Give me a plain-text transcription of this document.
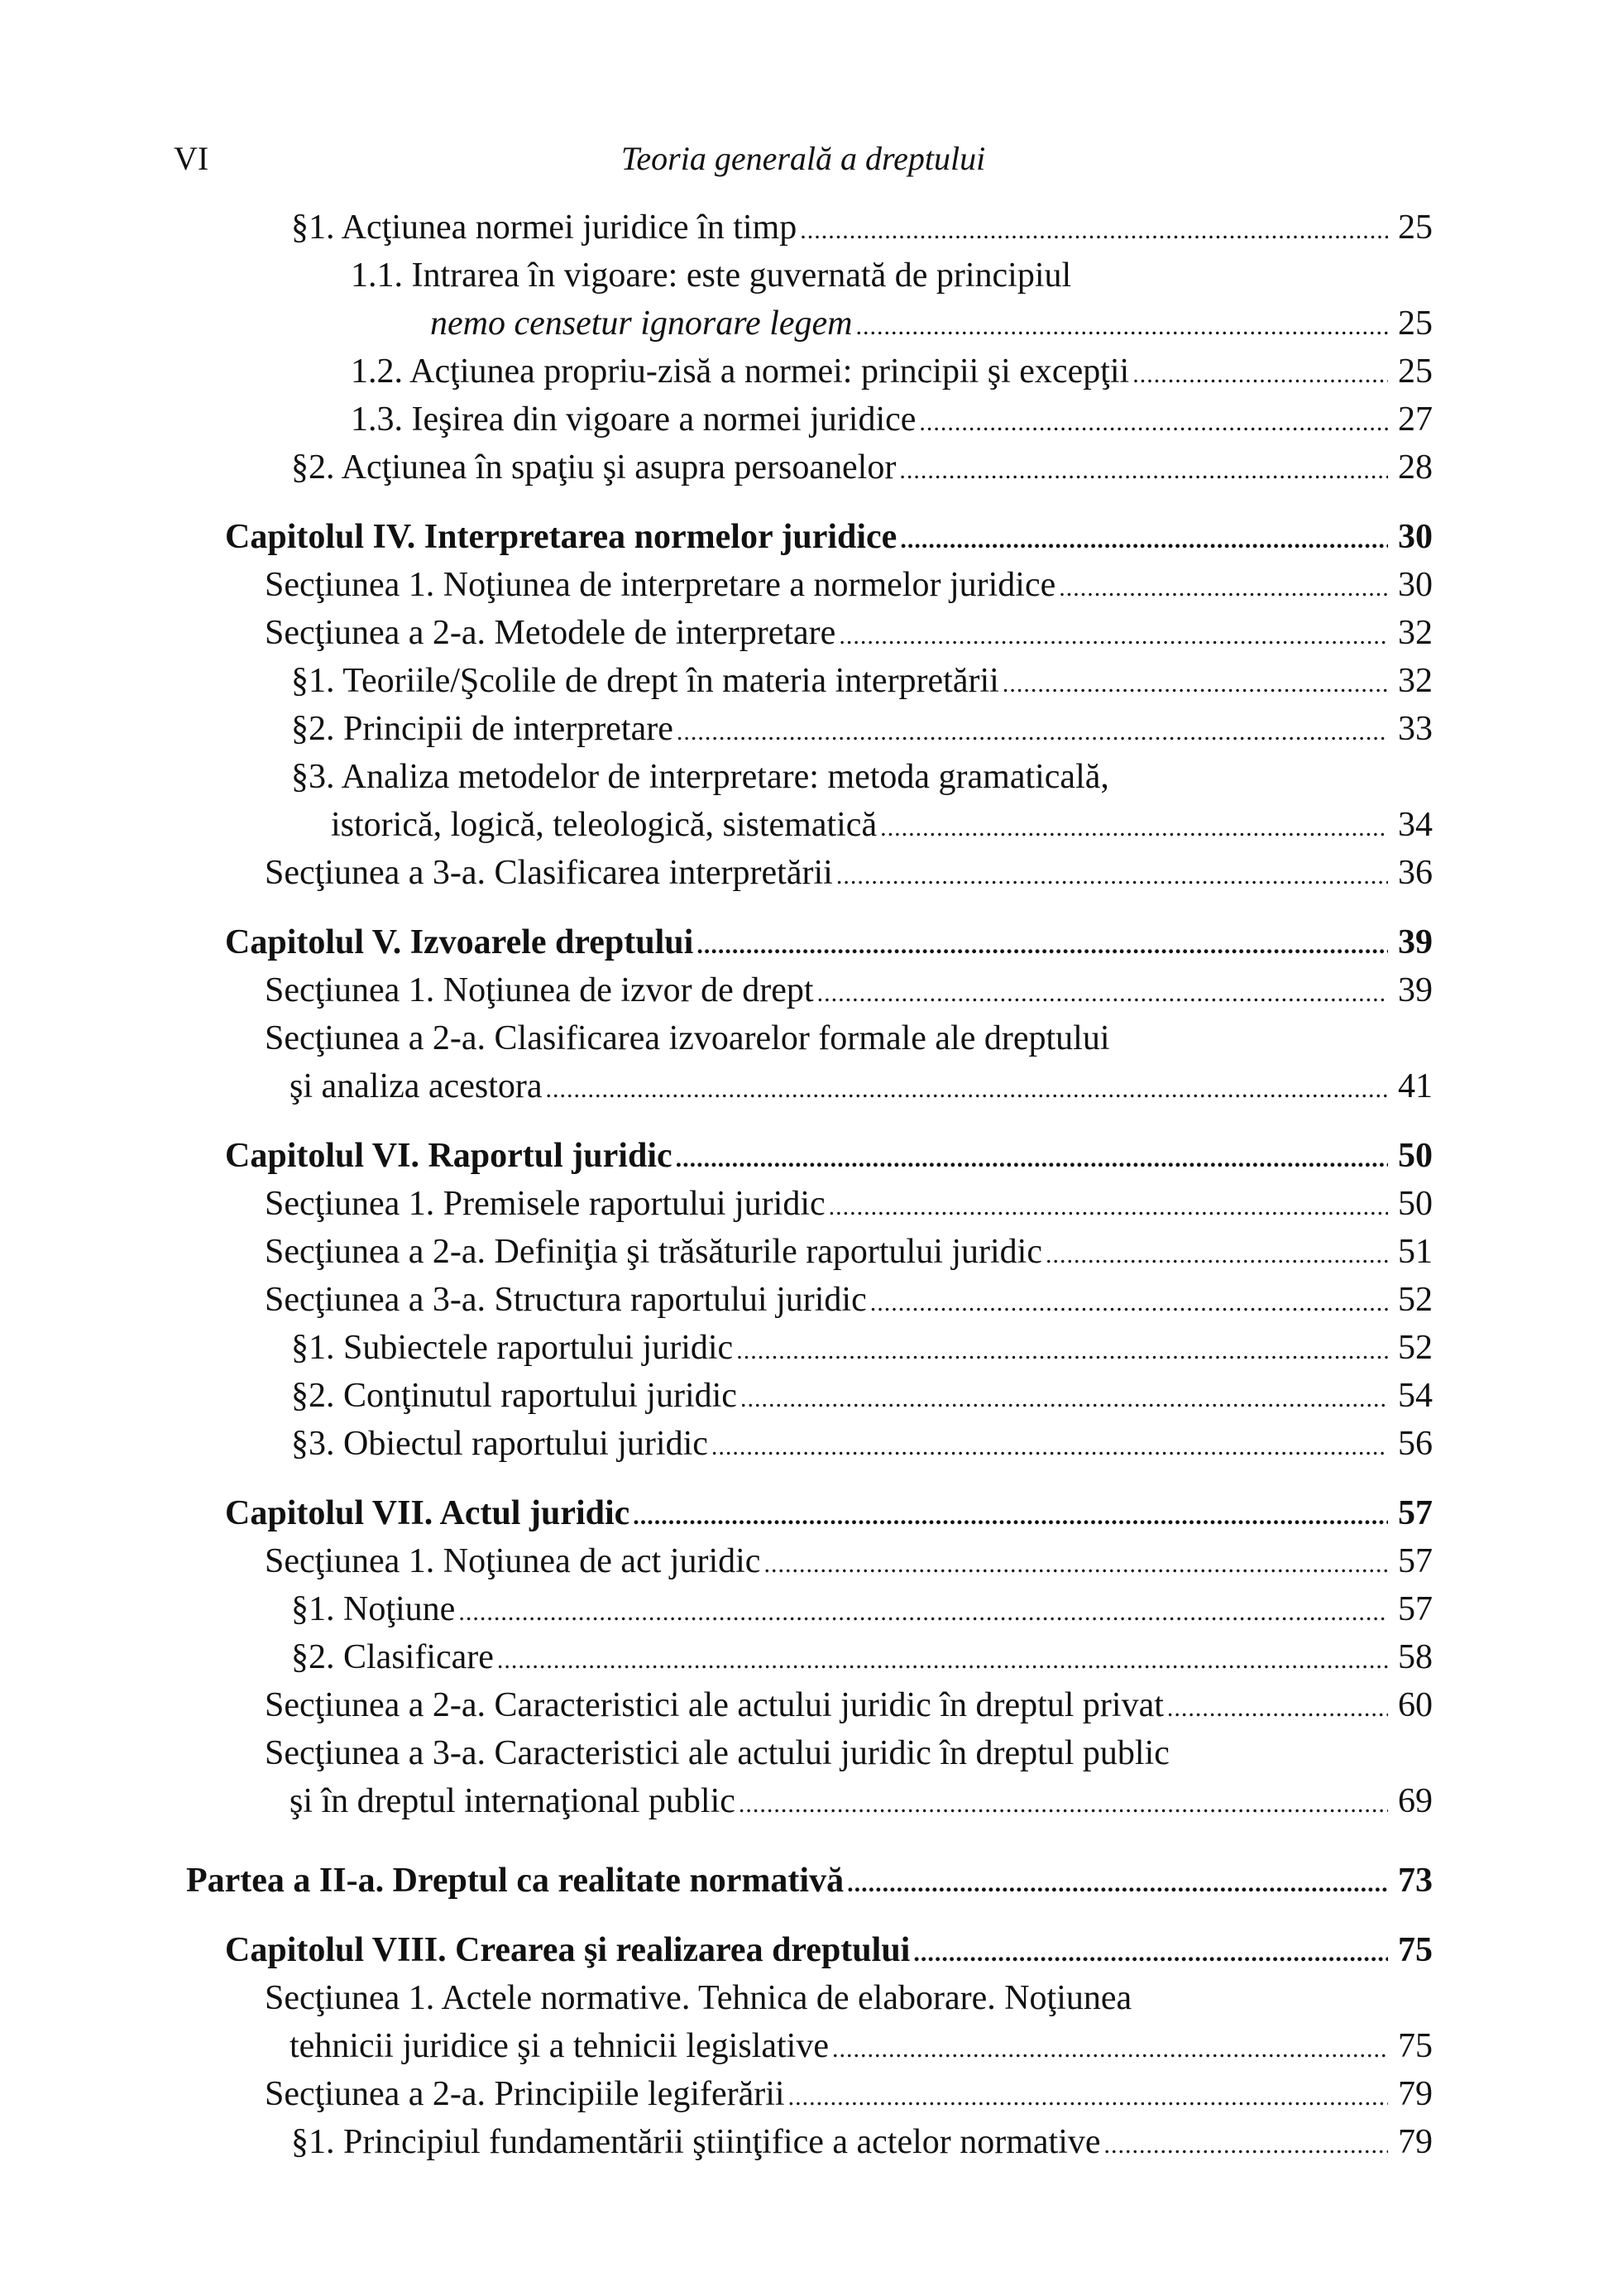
VI	Teoria generală a dreptului
§1. Acţiunea normei juridice în timp .....	25
1.1. Intrarea în vigoare: este guvernată de principiul
nemo censetur ignorare legem .....	25
1.2. Acţiunea propriu-zisă a normei: principii şi excepţii .....	25
1.3. Ieşirea din vigoare a normei juridice .....	27
§2. Acţiunea în spaţiu şi asupra persoanelor .....	28
Capitolul IV. Interpretarea normelor juridice .....	30
Secţiunea 1. Noţiunea de interpretare a normelor juridice .....	30
Secţiunea a 2-a. Metodele de interpretare .....	32
§1. Teoriile/Şcolile de drept în materia interpretării .....	32
§2. Principii de interpretare .....	33
§3. Analiza metodelor de interpretare: metoda gramaticală,
istorică, logică, teleologică, sistematică .....	34
Secţiunea a 3-a. Clasificarea interpretării .....	36
Capitolul V. Izvoarele dreptului .....	39
Secţiunea 1. Noţiunea de izvor de drept .....	39
Secţiunea a 2-a. Clasificarea izvoarelor formale ale dreptului
şi analiza acestora .....	41
Capitolul VI. Raportul juridic .....	50
Secţiunea 1. Premisele raportului juridic .....	50
Secţiunea a 2-a. Definiţia şi trăsăturile raportului juridic .....	51
Secţiunea a 3-a. Structura raportului juridic .....	52
§1. Subiectele raportului juridic .....	52
§2. Conţinutul raportului juridic .....	54
§3. Obiectul raportului juridic .....	56
Capitolul VII. Actul juridic .....	57
Secţiunea 1. Noţiunea de act juridic .....	57
§1. Noţiune .....	57
§2. Clasificare .....	58
Secţiunea a 2-a. Caracteristici ale actului juridic în dreptul privat .....	60
Secţiunea a 3-a. Caracteristici ale actului juridic în dreptul public
şi în dreptul internaţional public .....	69
Partea a II-a. Dreptul ca realitate normativă .....	73
Capitolul VIII. Crearea şi realizarea dreptului .....	75
Secţiunea 1. Actele normative. Tehnica de elaborare. Noţiunea
tehnicii juridice şi a tehnicii legislative .....	75
Secţiunea a 2-a. Principiile legiferării .....	79
§1. Principiul fundamentării ştiinţifice a actelor normative .....	79
